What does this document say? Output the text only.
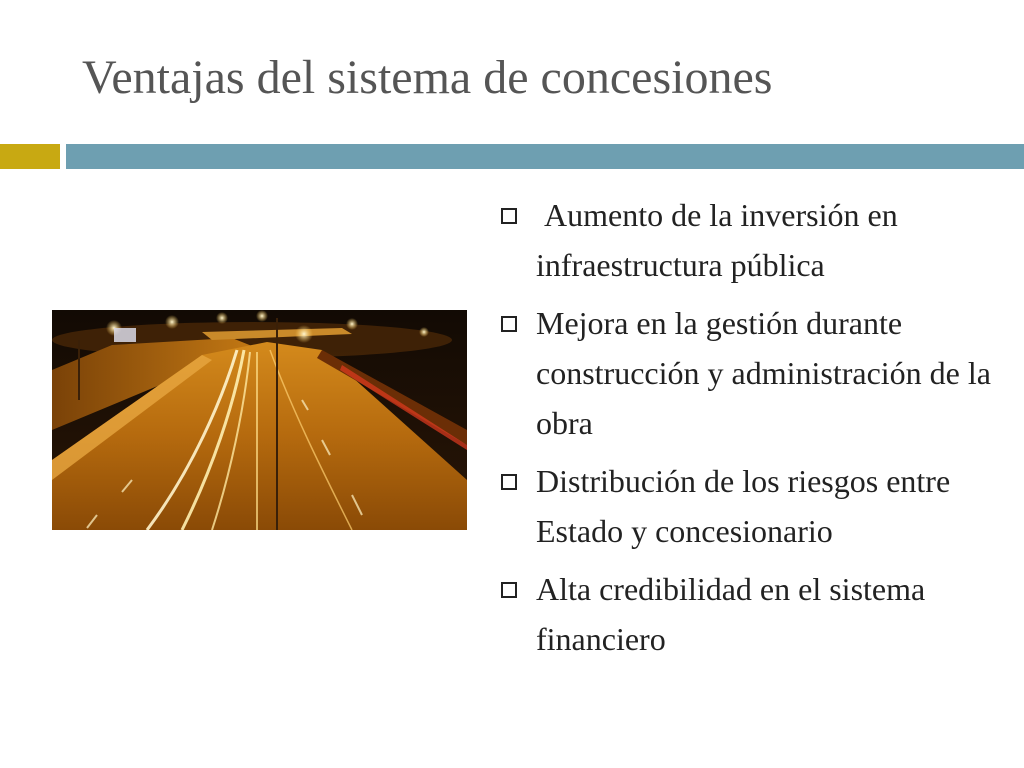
Ventajas del sistema de concesiones
Aumento de la inversión en infraestructura pública
Mejora en la gestión durante construcción y administración de la obra
Distribución de los riesgos entre Estado y concesionario
Alta credibilidad en el sistema financiero
